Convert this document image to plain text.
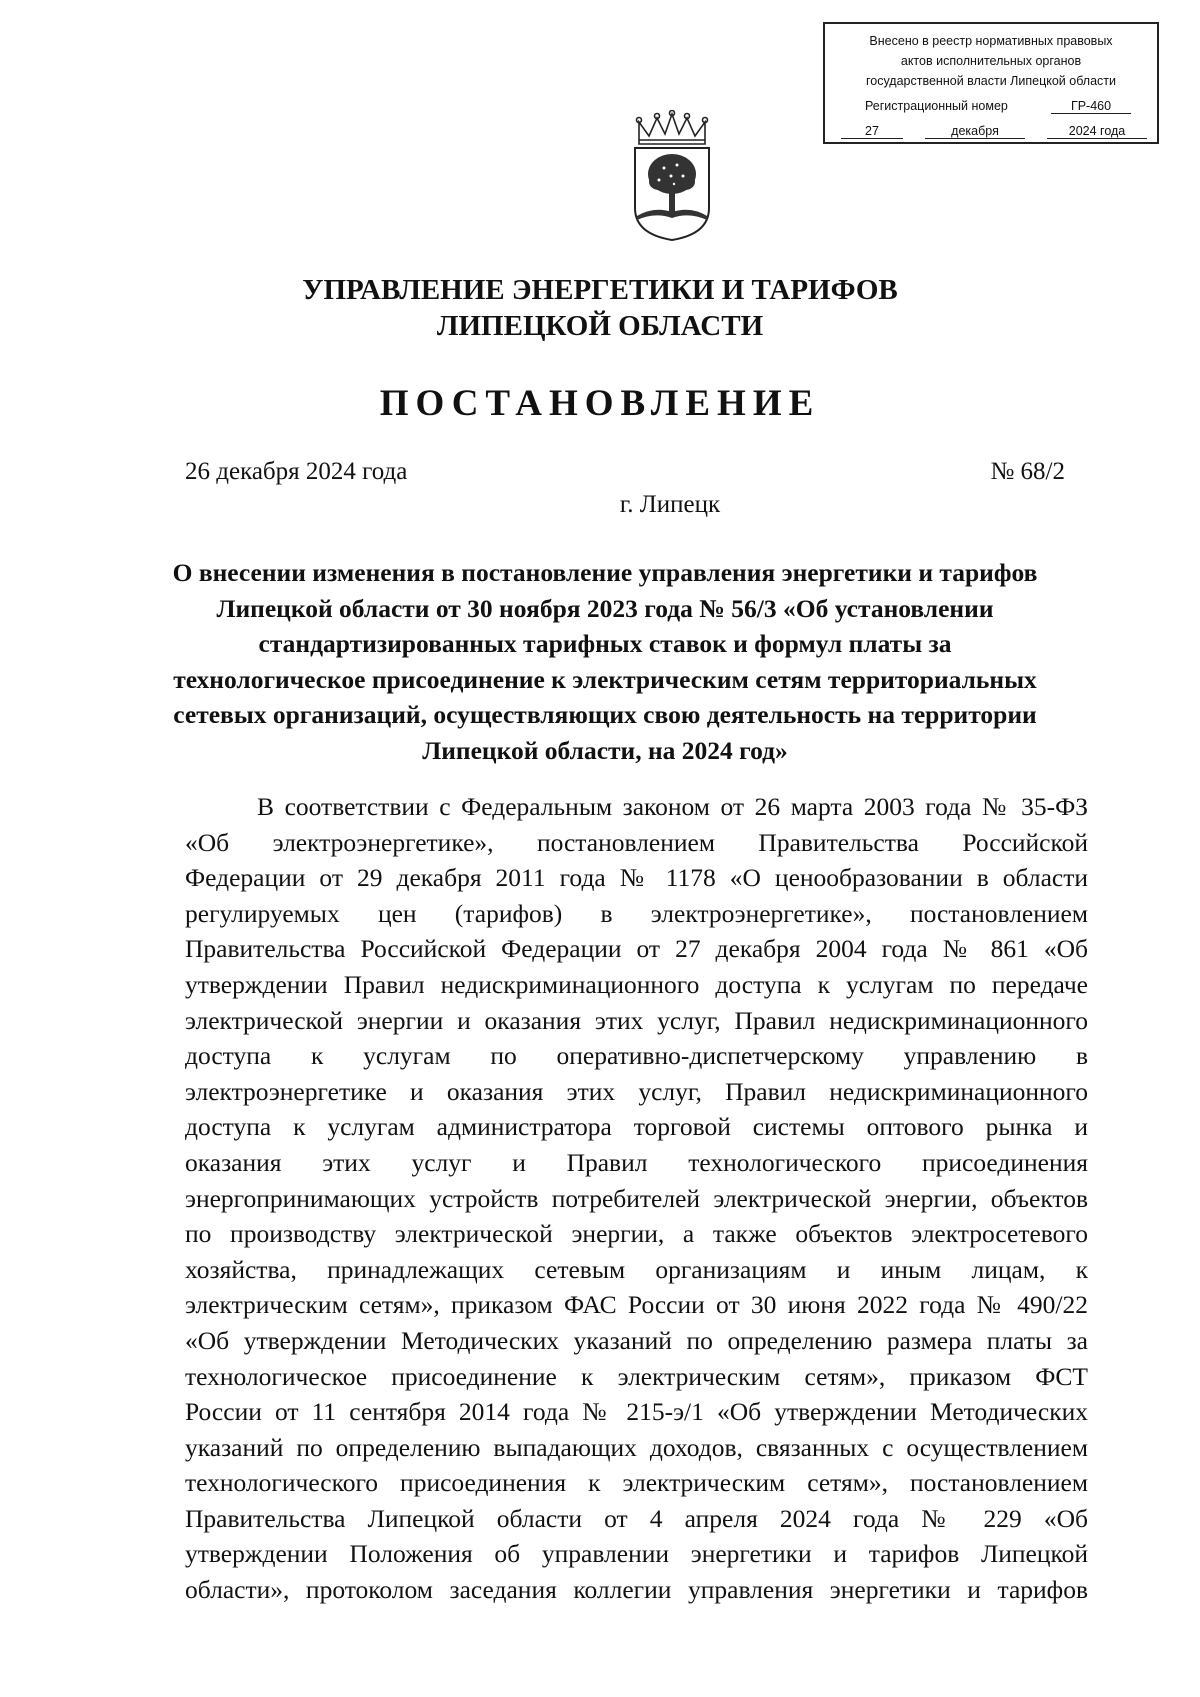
Внесено в реестр нормативных правовых
актов исполнительных органов
государственной власти Липецкой области
Регистрационный номер	ГР-460
27	декабря	2024 года
УПРАВЛЕНИЕ ЭНЕРГЕТИКИ И ТАРИФОВ
ЛИПЕЦКОЙ ОБЛАСТИ
ПОСТАНОВЛЕНИЕ
26 декабря 2024 года	№ 68/2
г. Липецк
О внесении изменения в постановление управления энергетики и тарифов
Липецкой области от 30 ноября 2023 года № 56/3 «Об установлении
стандартизированных тарифных ставок и формул платы за
технологическое присоединение к электрическим сетям территориальных
сетевых организаций, осуществляющих свою деятельность на территории
Липецкой области, на 2024 год»
В соответствии с Федеральным законом от 26 марта 2003 года № 35-ФЗ
«Об электроэнергетике», постановлением Правительства Российской
Федерации от 29 декабря 2011 года № 1178 «О ценообразовании в области
регулируемых цен (тарифов) в электроэнергетике», постановлением
Правительства Российской Федерации от 27 декабря 2004 года № 861 «Об
утверждении Правил недискриминационного доступа к услугам по передаче
электрической энергии и оказания этих услуг, Правил недискриминационного
доступа к услугам по оперативно-диспетчерскому управлению в
электроэнергетике и оказания этих услуг, Правил недискриминационного
доступа к услугам администратора торговой системы оптового рынка и
оказания этих услуг и Правил технологического присоединения
энергопринимающих устройств потребителей электрической энергии, объектов
по производству электрической энергии, а также объектов электросетевого
хозяйства, принадлежащих сетевым организациям и иным лицам, к
электрическим сетям», приказом ФАС России от 30 июня 2022 года № 490/22
«Об утверждении Методических указаний по определению размера платы за
технологическое присоединение к электрическим сетям», приказом ФСТ
России от 11 сентября 2014 года № 215-э/1 «Об утверждении Методических
указаний по определению выпадающих доходов, связанных с осуществлением
технологического присоединения к электрическим сетям», постановлением
Правительства Липецкой области от 4 апреля 2024 года № 229 «Об
утверждении Положения об управлении энергетики и тарифов Липецкой
области», протоколом заседания коллегии управления энергетики и тарифов
